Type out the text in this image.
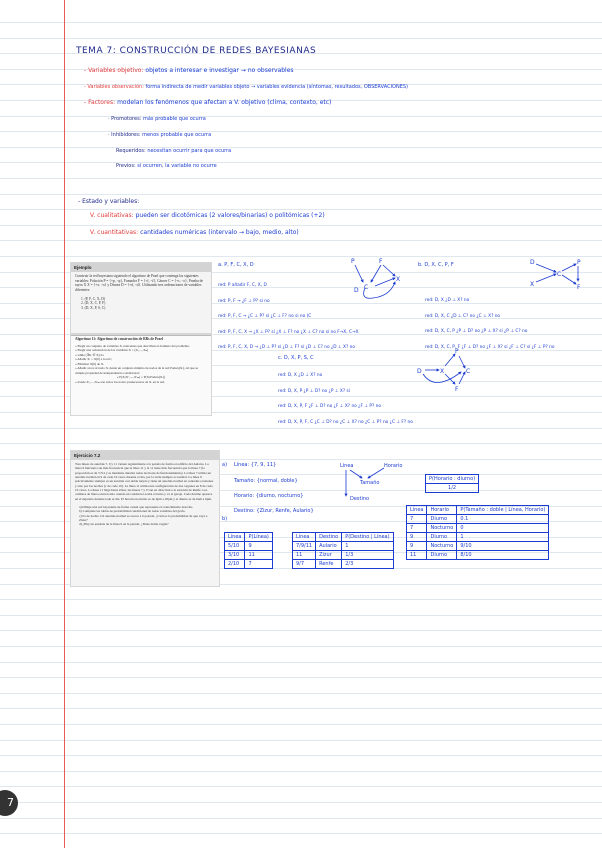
TEMA 7: CONSTRUCCIÓN DE REDES BAYESIANAS
- Variables objetivo: objetos a interesar e investigar → no observables
- Variables observación: forma indirecta de medir variables objeto → variables evidencia (síntomas, resultados, OBSERVACIONES)
- Factores: modelan los fenómenos que afectan a V. objetivo (clima, contexto, etc)
· Promotores: más probable que ocurra
· Inhibidores: menos probable que ocurra
Requeridos: necesitan ocurrir para que ocurra
Previos: si ocurren, la variable no ocurre
- Estado y variables:
V. cualitativas: pueden ser dicotómicas (2 valores/binarias) o politómicas (+2)
V. cuantitativas: cantidades numéricas (intervalo → bajo, medio, alto)
Ejemplo
Construir la red bayesiana siguiendo el algoritmo de Pearl que contenga las siguientes variables: Polución P = {+p, ¬p}, Fumador F = {+f, ¬f}, Cáncer C = {+c, ¬c}, Prueba de rayos X X = {+x, ¬x} y Disnea D = {+d, ¬d}. Utilizando tres ordenaciones de variables diferentes:
1. (P, F, C, X, D)
2. (D, X, C, P, F)
3. (D, X, P, S, C)
Algoritmo 11: Algoritmo de construcción de RBs de Pearl
« Elegir un conjunto de variables Xᵢ relevantes que describan el dominio del problema.
« Elegir una ordenación de las variables X = (X₁,...,Xₙ)
« while (∃Xᵢ ∈ X) do
« Añadir Xᵢ = X(0) a la red ;
« Eliminar X(0) de X.
« Añadir arcos al nodo Xᵢ desde un conjunto mínimo de nodos de la red Padres(Xᵢ), tal que se cumple propiedad de independencia condicional:
« P(Xᵢ|X'₁,...,X'ₘ) = P(Xᵢ|Padres(Xᵢ))
« donde X'₁,...,X'ₘ son todos los nodos predecesores de Xᵢ en la red.
a. P, F, C, X, D
red: P añadir F, C, X, D
red: P, F → ¿F ⊥ P? sí no
red: P, F, C → ¿C ⊥ P? sí ¿C ⊥ F? no si no (C
red: P, F, C, X → ¿X ⊥ P? sí ¿X ⊥ F? no ¿X ⊥ C? no sí no F→X, C→X
red: P, F, C, X, D → ¿D ⊥ P? sí ¿D ⊥ F? sí ¿D ⊥ C? no ¿D ⊥ X? no
P	F
C
X
D
b. D, X, C, P, F
red: D, X ¿D ⊥ X? no
red: D, X, C ¿D ⊥ C? no ¿C ⊥ X? no
red: D, X, C, P ¿P ⊥ D? no ¿P ⊥ X? sí ¿P ⊥ C? no
red: D, X, C, P, F ¿F ⊥ D? no ¿F ⊥ X? sí ¿F ⊥ C? sí ¿F ⊥ P? no
D
X
C
P
F
c. D, X, P, S, C
red: D, X ¿D ⊥ X? no
red: D, X, P ¿P ⊥ D? no ¿P ⊥ X? sí
red: D, X, P, F ¿F ⊥ D? no ¿F ⊥ X? no ¿F ⊥ P? no
red: D, X, P, F, C ¿C ⊥ D? no ¿C ⊥ X? no ¿C ⊥ P? no ¿C ⊥ F? no
D	X
P
F
C
Ejercicio 7.2
Tres líneas de autobús 7, 9 y 11 vienen regularmente a la parada de forma al edificio del Aulario. La línea 9 funciona con más frecuencia que la línea 11 y la 11 tiene más frecuencia que la línea 7 (la proporción es de 5:3:2 y se mantiene durante todas las horas de funcionamiento). La línea 7 utiliza un autobús normal en 9 de cada 10 casos durante el día, por la tarde siempre es normal. La línea 9 prácticamente siempre es un autobús con doble tarjeta y tiene un autobús normal en contadas ocasiones y sólo por las noches (1 de cada 10). La línea 11 utiliza una configuración de dos vagones en 8 de cada 10 casos. La línea 11 llega hasta Zizur, las líneas 7 y 9 van en dirección a la estación de Renfe. Los cambios de línea ocurren sólo cuando un conductor acaba el turno y va al garaje. Cada destino aparece en el depósito durante todo el día. El horario nocturno es de 6pm a 20pm y el diurno es de 6am a 6pm.
a) Dibuje una red bayesiana de forma causal que represente el conocimiento descrito.
b) Complete las tablas de probabilidad condicional de todas variables del grafo.
c) Es de noche. Un autobús normal se acerca a la parada. ¿Cuál es la probabilidad de que vaya a Zizur?
d) ¿Hay un autobús de la línea 9 en la parada. ¿Tiene doble vagón?
a) Línea: {7, 9, 11}
Tamaño: {normal, doble}
Horario: {diurno, nocturno}
Destino: {Zizur, Renfe, Aulario}
Línea	Horario
Tamaño
Destino
P(Horario : diurno)
1/2
b)
Línea	P(Línea)
5/10	9
3/10	11
2/10	7
Línea	Destino	P(Destino | Línea)
7/9/11	Aulario	1
11	Zizur	1/3
9/7	Renfe	2/3
Línea	Horario	P(Tamaño : doble | Línea, Horario)
7	Diurno	0.1
7	Nocturno	0
9	Diurno	1
9	Nocturno	9/10
11	Diurno	8/10
7
